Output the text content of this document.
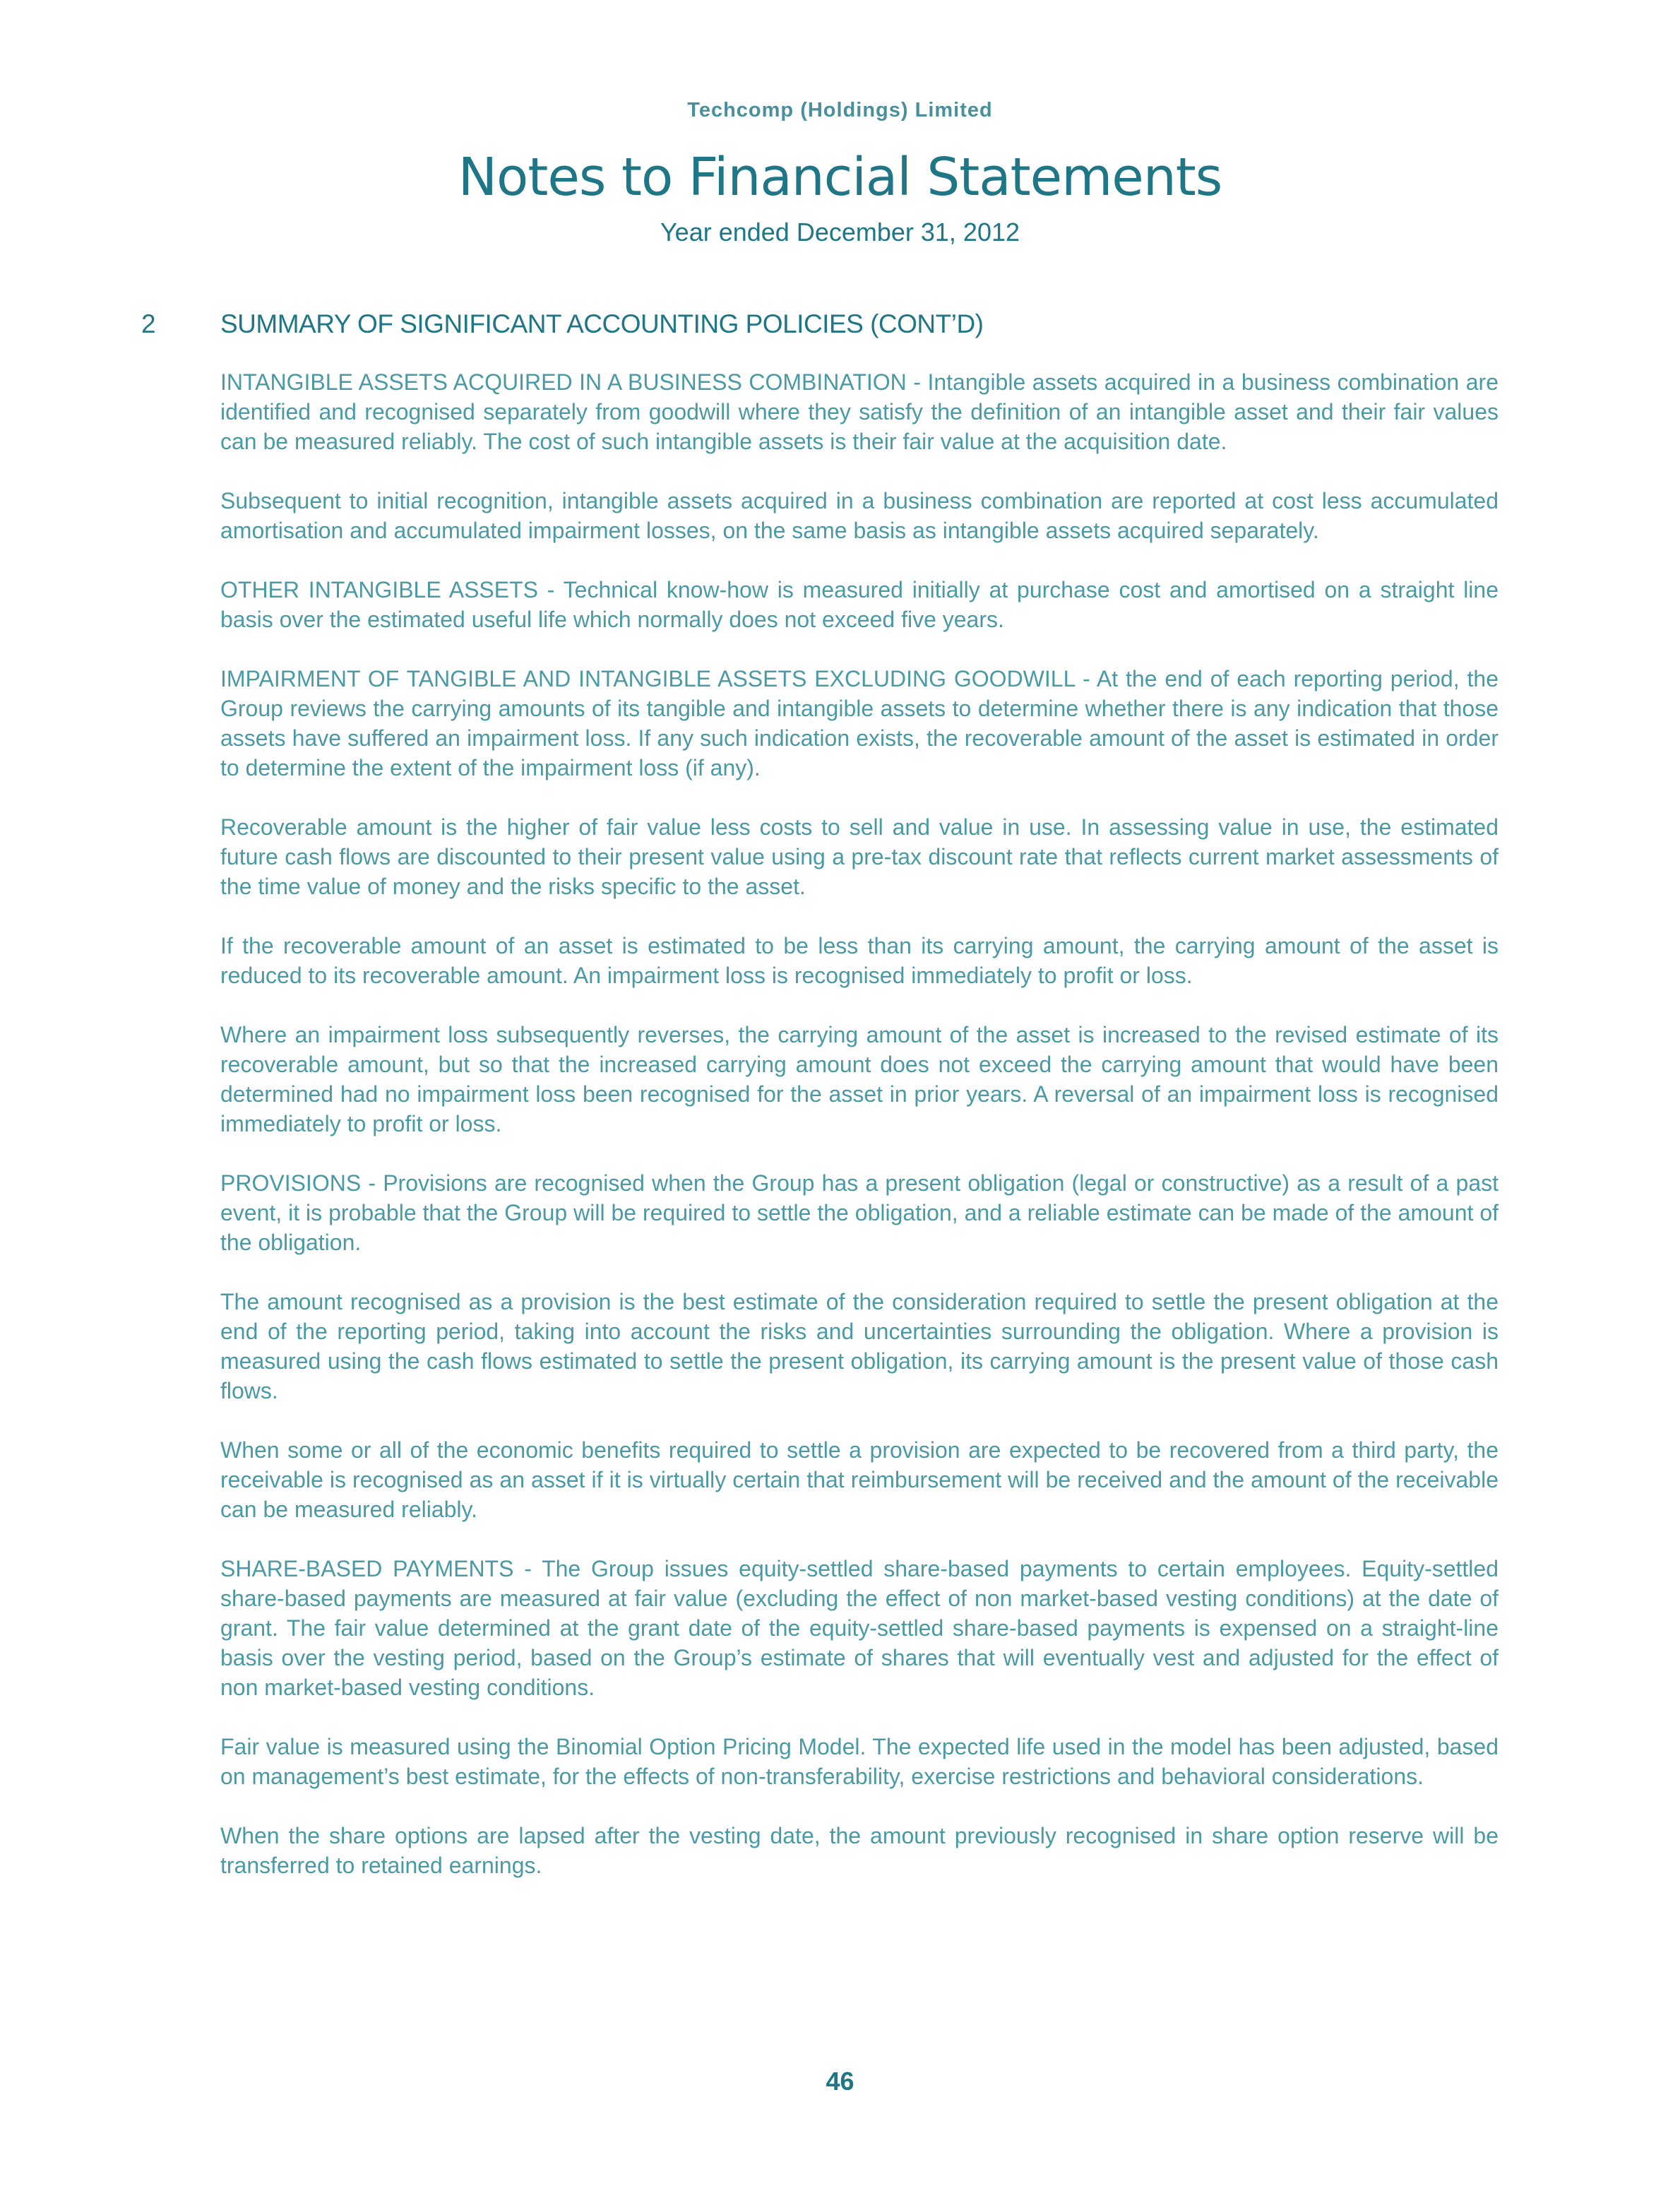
Techcomp (Holdings) Limited
Notes to Financial Statements
Year ended December 31, 2012
2 SUMMARY OF SIGNIFICANT ACCOUNTING POLICIES (CONT’D)

INTANGIBLE ASSETS ACQUIRED IN A BUSINESS COMBINATION - Intangible assets acquired in a business combination are identified and recognised separately from goodwill where they satisfy the definition of an intangible asset and their fair values can be measured reliably. The cost of such intangible assets is their fair value at the acquisition date.

Subsequent to initial recognition, intangible assets acquired in a business combination are reported at cost less accumulated amortisation and accumulated impairment losses, on the same basis as intangible assets acquired separately.

OTHER INTANGIBLE ASSETS - Technical know-how is measured initially at purchase cost and amortised on a straight line basis over the estimated useful life which normally does not exceed five years.

IMPAIRMENT OF TANGIBLE AND INTANGIBLE ASSETS EXCLUDING GOODWILL - At the end of each reporting period, the Group reviews the carrying amounts of its tangible and intangible assets to determine whether there is any indication that those assets have suffered an impairment loss. If any such indication exists, the recoverable amount of the asset is estimated in order to determine the extent of the impairment loss (if any).

Recoverable amount is the higher of fair value less costs to sell and value in use. In assessing value in use, the estimated future cash flows are discounted to their present value using a pre-tax discount rate that reflects current market assessments of the time value of money and the risks specific to the asset.

If the recoverable amount of an asset is estimated to be less than its carrying amount, the carrying amount of the asset is reduced to its recoverable amount. An impairment loss is recognised immediately to profit or loss.

Where an impairment loss subsequently reverses, the carrying amount of the asset is increased to the revised estimate of its recoverable amount, but so that the increased carrying amount does not exceed the carrying amount that would have been determined had no impairment loss been recognised for the asset in prior years. A reversal of an impairment loss is recognised immediately to profit or loss.

PROVISIONS - Provisions are recognised when the Group has a present obligation (legal or constructive) as a result of a past event, it is probable that the Group will be required to settle the obligation, and a reliable estimate can be made of the amount of the obligation.

The amount recognised as a provision is the best estimate of the consideration required to settle the present obligation at the end of the reporting period, taking into account the risks and uncertainties surrounding the obligation. Where a provision is measured using the cash flows estimated to settle the present obligation, its carrying amount is the present value of those cash flows.

When some or all of the economic benefits required to settle a provision are expected to be recovered from a third party, the receivable is recognised as an asset if it is virtually certain that reimbursement will be received and the amount of the receivable can be measured reliably.

SHARE-BASED PAYMENTS - The Group issues equity-settled share-based payments to certain employees. Equity-settled share-based payments are measured at fair value (excluding the effect of non market-based vesting conditions) at the date of grant. The fair value determined at the grant date of the equity-settled share-based payments is expensed on a straight-line basis over the vesting period, based on the Group’s estimate of shares that will eventually vest and adjusted for the effect of non market-based vesting conditions.

Fair value is measured using the Binomial Option Pricing Model. The expected life used in the model has been adjusted, based on management’s best estimate, for the effects of non-transferability, exercise restrictions and behavioral considerations.

When the share options are lapsed after the vesting date, the amount previously recognised in share option reserve will be transferred to retained earnings.

46
